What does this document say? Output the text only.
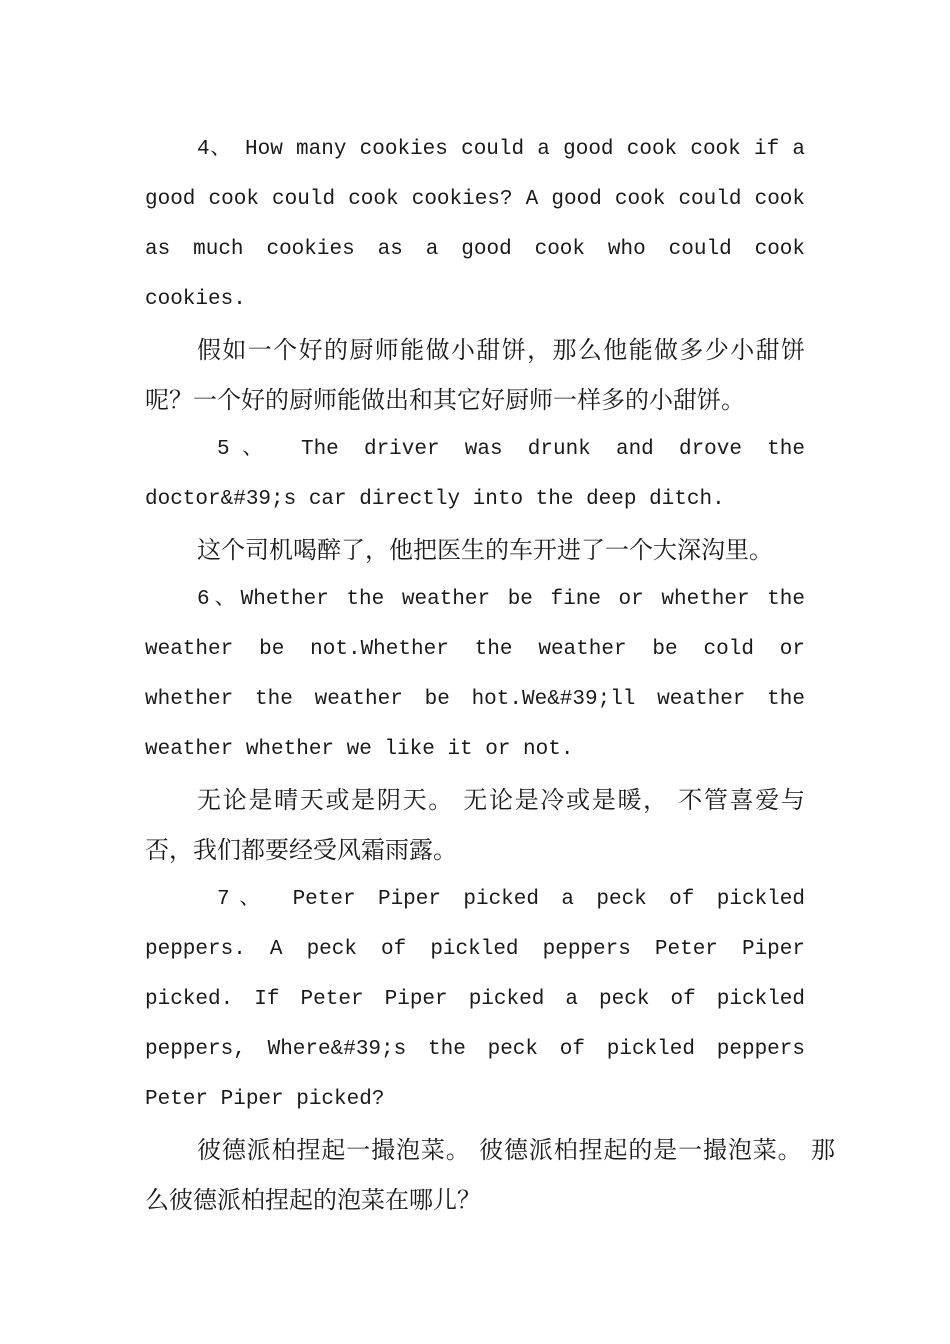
4、 How many cookies could a good cook cook if a good cook could cook cookies? A good cook could cook as much cookies as a good cook who could cook cookies.

假如一个好的厨师能做小甜饼，那么他能做多少小甜饼呢？一个好的厨师能做出和其它好厨师一样多的小甜饼。

5、 The driver was drunk and drove the doctor&#39;s car directly into the deep ditch.

这个司机喝醉了，他把医生的车开进了一个大深沟里。

6、Whether the weather be fine or whether the weather be not.Whether the weather be cold or whether the weather be hot.We&#39;ll weather the weather whether we like it or not.

无论是晴天或是阴天。 无论是冷或是暖， 不管喜爱与否，我们都要经受风霜雨露。

7、 Peter Piper picked a peck of pickled peppers. A peck of pickled peppers Peter Piper picked. If Peter Piper picked a peck of pickled peppers, Where&#39;s the peck of pickled peppers Peter Piper picked?

彼德派柏捏起一撮泡菜。 彼德派柏捏起的是一撮泡菜。 那么彼德派柏捏起的泡菜在哪儿？
